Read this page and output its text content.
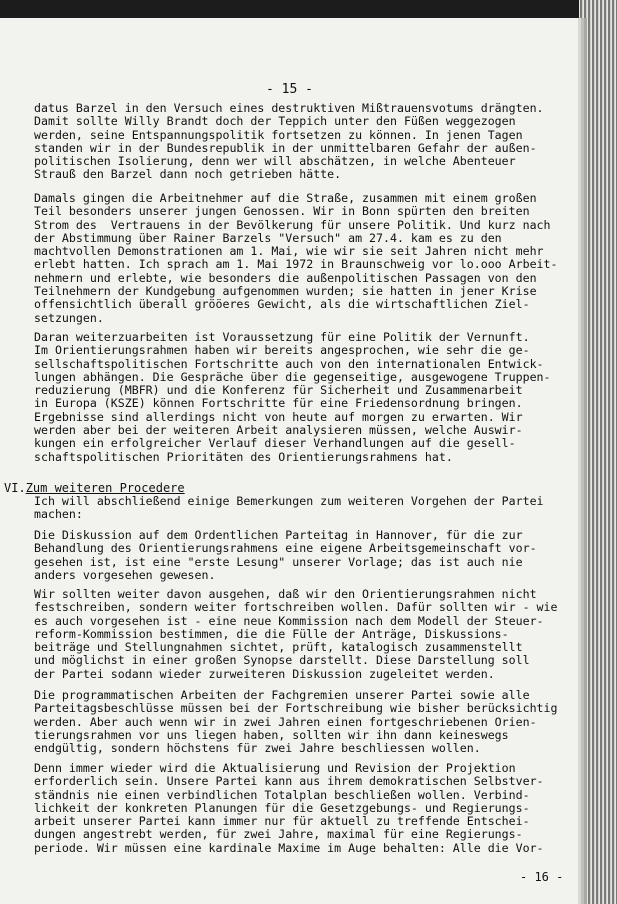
- 15 -

datus Barzel in den Versuch eines destruktiven Mißtrauensvotums drängten.
Damit sollte Willy Brandt doch der Teppich unter den Füßen weggezogen
werden, seine Entspannungspolitik fortsetzen zu können. In jenen Tagen
standen wir in der Bundesrepublik in der unmittelbaren Gefahr der außen-
politischen Isolierung, denn wer will abschätzen, in welche Abenteuer
Strauß den Barzel dann noch getrieben hätte.

Damals gingen die Arbeitnehmer auf die Straße, zusammen mit einem großen
Teil besonders unserer jungen Genossen. Wir in Bonn spürten den breiten
Strom des  Vertrauens in der Bevölkerung für unsere Politik. Und kurz nach
der Abstimmung über Rainer Barzels "Versuch" am 27.4. kam es zu den
machtvollen Demonstrationen am 1. Mai, wie wir sie seit Jahren nicht mehr
erlebt hatten. Ich sprach am 1. Mai 1972 in Braunschweig vor lo.ooo Arbeit-
nehmern und erlebte, wie besonders die außenpolitischen Passagen von den
Teilnehmern der Kundgebung aufgenommen wurden; sie hatten in jener Krise
offensichtlich überall grööeres Gewicht, als die wirtschaftlichen Ziel-
setzungen.

Daran weiterzuarbeiten ist Voraussetzung für eine Politik der Vernunft.
Im Orientierungsrahmen haben wir bereits angesprochen, wie sehr die ge-
sellschaftspolitischen Fortschritte auch von den internationalen Entwick-
lungen abhängen. Die Gespräche über die gegenseitige, ausgewogene Truppen-
reduzierung (MBFR) und die Konferenz für Sicherheit und Zusammenarbeit
in Europa (KSZE) können Fortschritte für eine Friedensordnung bringen.
Ergebnisse sind allerdings nicht von heute auf morgen zu erwarten. Wir
werden aber bei der weiteren Arbeit analysieren müssen, welche Auswir-
kungen ein erfolgreicher Verlauf dieser Verhandlungen auf die gesell-
schaftspolitischen Prioritäten des Orientierungsrahmens hat.

VI.Zum weiteren Procedere

Ich will abschließend einige Bemerkungen zum weiteren Vorgehen der Partei
machen:

Die Diskussion auf dem Ordentlichen Parteitag in Hannover, für die zur
Behandlung des Orientierungsrahmens eine eigene Arbeitsgemeinschaft vor-
gesehen ist, ist eine "erste Lesung" unserer Vorlage; das ist auch nie
anders vorgesehen gewesen.

Wir sollten weiter davon ausgehen, daß wir den Orientierungsrahmen nicht
festschreiben, sondern weiter fortschreiben wollen. Dafür sollten wir - wie
es auch vorgesehen ist - eine neue Kommission nach dem Modell der Steuer-
reform-Kommission bestimmen, die die Fülle der Anträge, Diskussions-
beiträge und Stellungnahmen sichtet, prüft, katalogisch zusammenstellt
und möglichst in einer großen Synopse darstellt. Diese Darstellung soll
der Partei sodann wieder zurweiteren Diskussion zugeleitet werden.

Die programmatischen Arbeiten der Fachgremien unserer Partei sowie alle
Parteitagsbeschlüsse müssen bei der Fortschreibung wie bisher berücksichtig
werden. Aber auch wenn wir in zwei Jahren einen fortgeschriebenen Orien-
tierungsrahmen vor uns liegen haben, sollten wir ihn dann keineswegs
endgültig, sondern höchstens für zwei Jahre beschliessen wollen.

Denn immer wieder wird die Aktualisierung und Revision der Projektion
erforderlich sein. Unsere Partei kann aus ihrem demokratischen Selbstver-
ständnis nie einen verbindlichen Totalplan beschließen wollen. Verbind-
lichkeit der konkreten Planungen für die Gesetzgebungs- und Regierungs-
arbeit unserer Partei kann immer nur für aktuell zu treffende Entschei-
dungen angestrebt werden, für zwei Jahre, maximal für eine Regierungs-
periode. Wir müssen eine kardinale Maxime im Auge behalten: Alle die Vor-

- 16 -
